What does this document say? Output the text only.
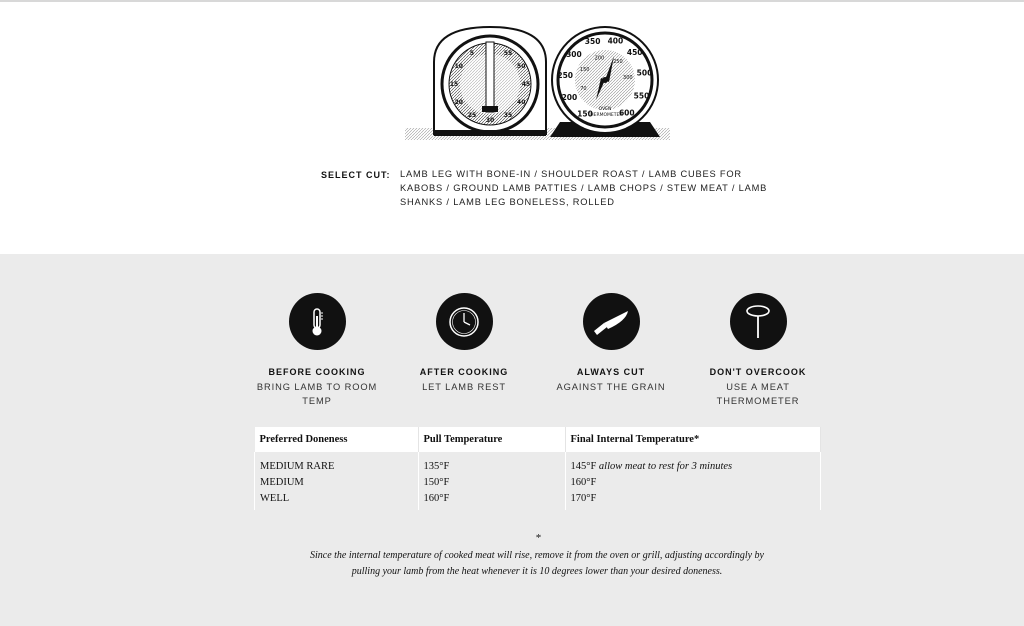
55
50
45
40
35
30
25
20
15
10
5
150
200
250
300
350 400
450
500
550
600
70
150
200
250
300
OVEN
THERMOMETER
SELECT CUT: LAMB LEG WITH BONE-IN / SHOULDER ROAST / LAMB CUBES FOR KABOBS / GROUND LAMB PATTIES / LAMB CHOPS / STEW MEAT / LAMB SHANKS / LAMB LEG BONELESS, ROLLED
BEFORE COOKING
BRING LAMB TO ROOM TEMP
AFTER COOKING
LET LAMB REST
ALWAYS CUT
AGAINST THE GRAIN
DON'T OVERCOOK
USE A MEAT THERMOMETER
Preferred Doneness	Pull Temperature	Final Internal Temperature*
MEDIUM RARE	135°F	145°F allow meat to rest for 3 minutes
MEDIUM	150°F	160°F
WELL	160°F	170°F
*
Since the internal temperature of cooked meat will rise, remove it from the oven or grill, adjusting accordingly by pulling your lamb from the heat whenever it is 10 degrees lower than your desired doneness.
